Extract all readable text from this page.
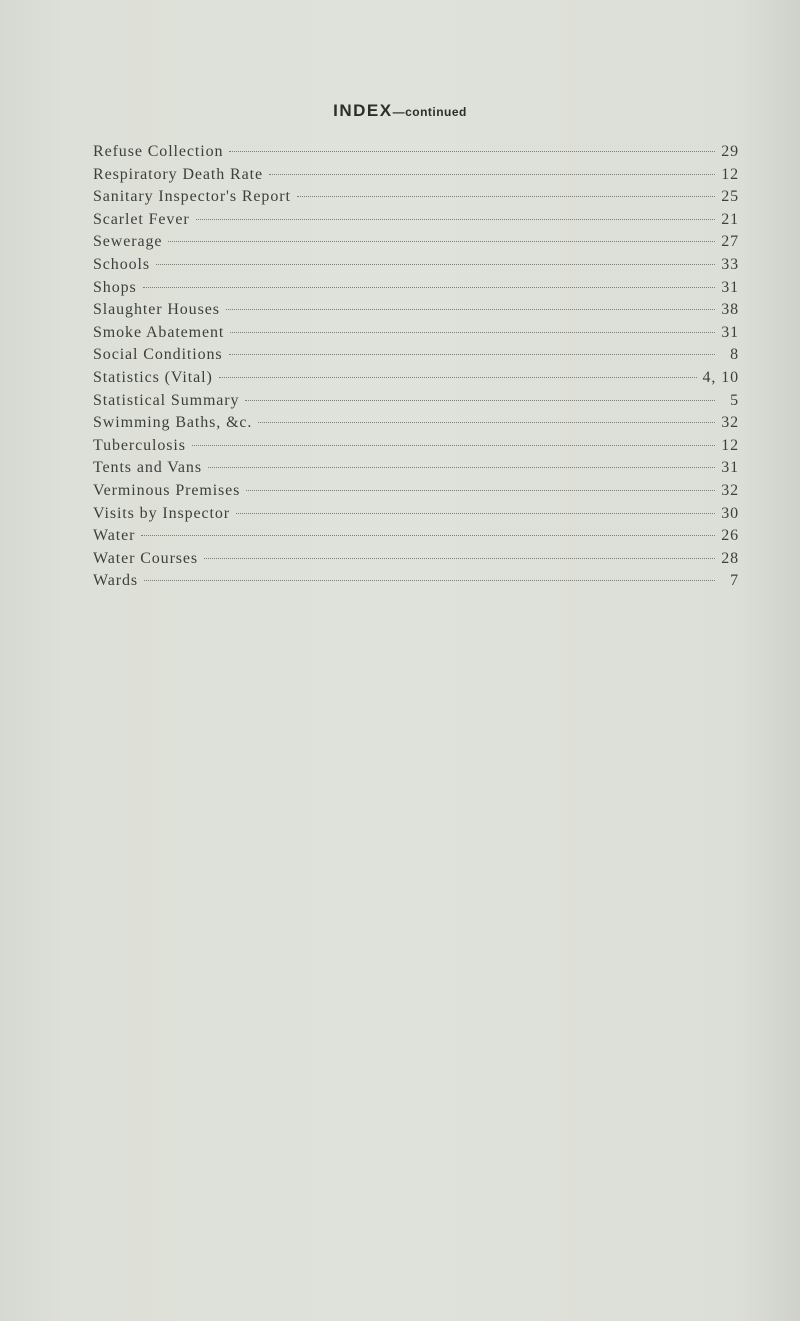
INDEX—continued
Refuse Collection	29
Respiratory Death Rate	12
Sanitary Inspector's Report	25
Scarlet Fever	21
Sewerage	27
Schools	33
Shops	31
Slaughter Houses	38
Smoke Abatement	31
Social Conditions	8
Statistics (Vital)	4, 10
Statistical Summary	5
Swimming Baths, &c.	32
Tuberculosis	12
Tents and Vans	31
Verminous Premises	32
Visits by Inspector	30
Water	26
Water Courses	28
Wards	7
